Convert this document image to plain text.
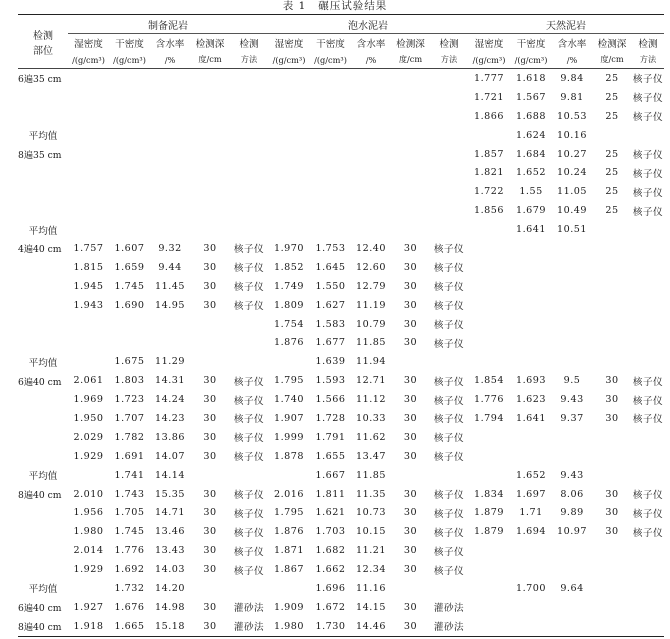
表 1 碾压试验结果
检测
部位	制备泥岩					泡水泥岩					天然泥岩				
	湿密度	干密度	含水率	检测深	检测	湿密度	干密度	含水率	检测深	检测	湿密度	干密度	含水率	检测深	检测
	/(g/cm³)	/(g/cm³)	/%	度/cm	方法	/(g/cm³)	/(g/cm³)	/%	度/cm	方法	/(g/cm³)	/(g/cm³)	/%	度/cm	方法
6遍35 cm											1.777	1.618	9.84	25	核子仪
											1.721	1.567	9.81	25	核子仪
											1.866	1.688	10.53	25	核子仪
平均值												1.624	10.16		
8遍35 cm											1.857	1.684	10.27	25	核子仪
											1.821	1.652	10.24	25	核子仪
											1.722	1.55	11.05	25	核子仪
											1.856	1.679	10.49	25	核子仪
平均值												1.641	10.51		
4遍40 cm	1.757	1.607	9.32	30	核子仪	1.970	1.753	12.40	30	核子仪					
	1.815	1.659	9.44	30	核子仪	1.852	1.645	12.60	30	核子仪					
	1.945	1.745	11.45	30	核子仪	1.749	1.550	12.79	30	核子仪					
	1.943	1.690	14.95	30	核子仪	1.809	1.627	11.19	30	核子仪					
						1.754	1.583	10.79	30	核子仪					
						1.876	1.677	11.85	30	核子仪					
平均值		1.675	11.29				1.639	11.94							
6遍40 cm	2.061	1.803	14.31	30	核子仪	1.795	1.593	12.71	30	核子仪	1.854	1.693	9.5	30	核子仪
	1.969	1.723	14.24	30	核子仪	1.740	1.566	11.12	30	核子仪	1.776	1.623	9.43	30	核子仪
	1.950	1.707	14.23	30	核子仪	1.907	1.728	10.33	30	核子仪	1.794	1.641	9.37	30	核子仪
	2.029	1.782	13.86	30	核子仪	1.999	1.791	11.62	30	核子仪					
	1.929	1.691	14.07	30	核子仪	1.878	1.655	13.47	30	核子仪					
平均值		1.741	14.14				1.667	11.85				1.652	9.43		
8遍40 cm	2.010	1.743	15.35	30	核子仪	2.016	1.811	11.35	30	核子仪	1.834	1.697	8.06	30	核子仪
	1.956	1.705	14.71	30	核子仪	1.795	1.621	10.73	30	核子仪	1.879	1.71	9.89	30	核子仪
	1.980	1.745	13.46	30	核子仪	1.876	1.703	10.15	30	核子仪	1.879	1.694	10.97	30	核子仪
	2.014	1.776	13.43	30	核子仪	1.871	1.682	11.21	30	核子仪					
	1.929	1.692	14.03	30	核子仪	1.867	1.662	12.34	30	核子仪					
平均值		1.732	14.20				1.696	11.16				1.700	9.64		
6遍40 cm	1.927	1.676	14.98	30	灌砂法	1.909	1.672	14.15	30	灌砂法					
8遍40 cm	1.918	1.665	15.18	30	灌砂法	1.980	1.730	14.46	30	灌砂法					
